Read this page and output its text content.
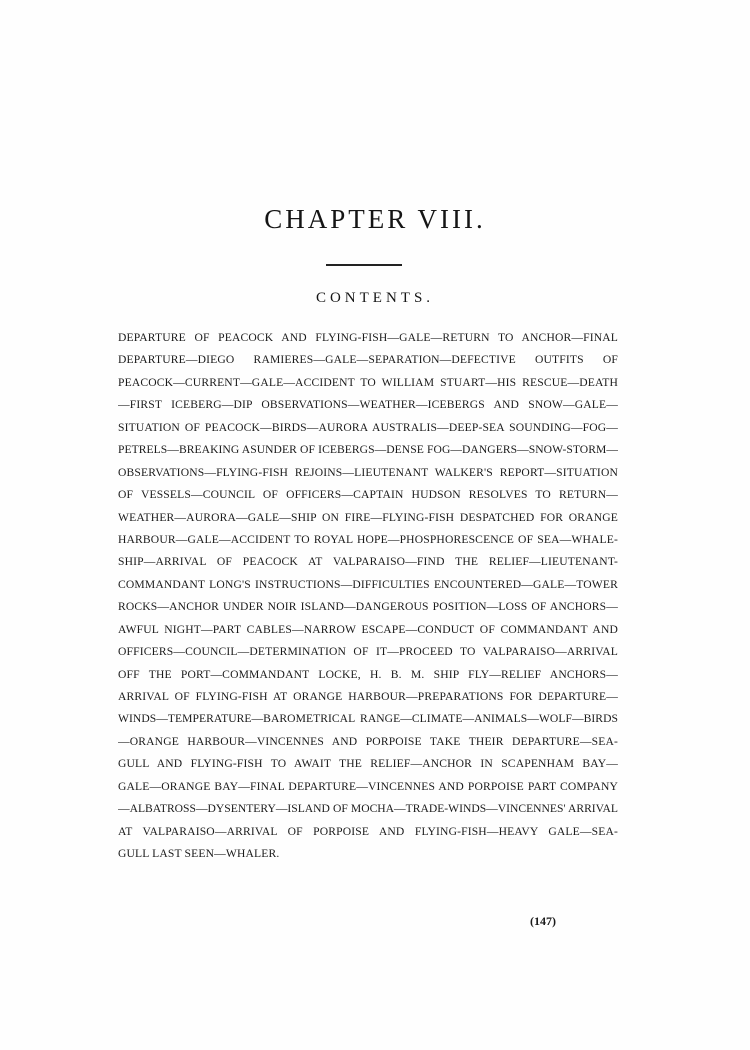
CHAPTER VIII.
CONTENTS.
DEPARTURE OF PEACOCK AND FLYING-FISH—GALE—RETURN TO ANCHOR—FINAL
DEPARTURE—DIEGO RAMIERES—GALE—SEPARATION—DEFECTIVE OUTFITS OF
PEACOCK—CURRENT—GALE—ACCIDENT TO WILLIAM STUART—HIS RESCUE—DEATH
—FIRST ICEBERG—DIP OBSERVATIONS—WEATHER—ICEBERGS AND SNOW—GALE—
SITUATION OF PEACOCK—BIRDS—AURORA AUSTRALIS—DEEP-SEA SOUNDING—FOG—
PETRELS—BREAKING ASUNDER OF ICEBERGS—DENSE FOG—DANGERS—SNOW-STORM—
OBSERVATIONS—FLYING-FISH REJOINS—LIEUTENANT WALKER'S REPORT—SITUATION
OF VESSELS—COUNCIL OF OFFICERS—CAPTAIN HUDSON RESOLVES TO RETURN—
WEATHER—AURORA—GALE—SHIP ON FIRE—FLYING-FISH DESPATCHED FOR ORANGE
HARBOUR—GALE—ACCIDENT TO ROYAL HOPE—PHOSPHORESCENCE OF SEA—WHALE-
SHIP—ARRIVAL OF PEACOCK AT VALPARAISO—FIND THE RELIEF—LIEUTENANT-
COMMANDANT LONG'S INSTRUCTIONS—DIFFICULTIES ENCOUNTERED—GALE—TOWER
ROCKS—ANCHOR UNDER NOIR ISLAND—DANGEROUS POSITION—LOSS OF ANCHORS—
AWFUL NIGHT—PART CABLES—NARROW ESCAPE—CONDUCT OF COMMANDANT AND
OFFICERS—COUNCIL—DETERMINATION OF IT—PROCEED TO VALPARAISO—ARRIVAL
OFF THE PORT—COMMANDANT LOCKE, H. B. M. SHIP FLY—RELIEF ANCHORS—
ARRIVAL OF FLYING-FISH AT ORANGE HARBOUR—PREPARATIONS FOR DEPARTURE—
WINDS—TEMPERATURE—BAROMETRICAL RANGE—CLIMATE—ANIMALS—WOLF—BIRDS
—ORANGE HARBOUR—VINCENNES AND PORPOISE TAKE THEIR DEPARTURE—SEA-
GULL AND FLYING-FISH TO AWAIT THE RELIEF—ANCHOR IN SCAPENHAM BAY—
GALE—ORANGE BAY—FINAL DEPARTURE—VINCENNES AND PORPOISE PART COMPANY
—ALBATROSS—DYSENTERY—ISLAND OF MOCHA—TRADE-WINDS—VINCENNES' ARRIVAL
AT VALPARAISO—ARRIVAL OF PORPOISE AND FLYING-FISH—HEAVY GALE—SEA-
GULL LAST SEEN—WHALER.

(147)
